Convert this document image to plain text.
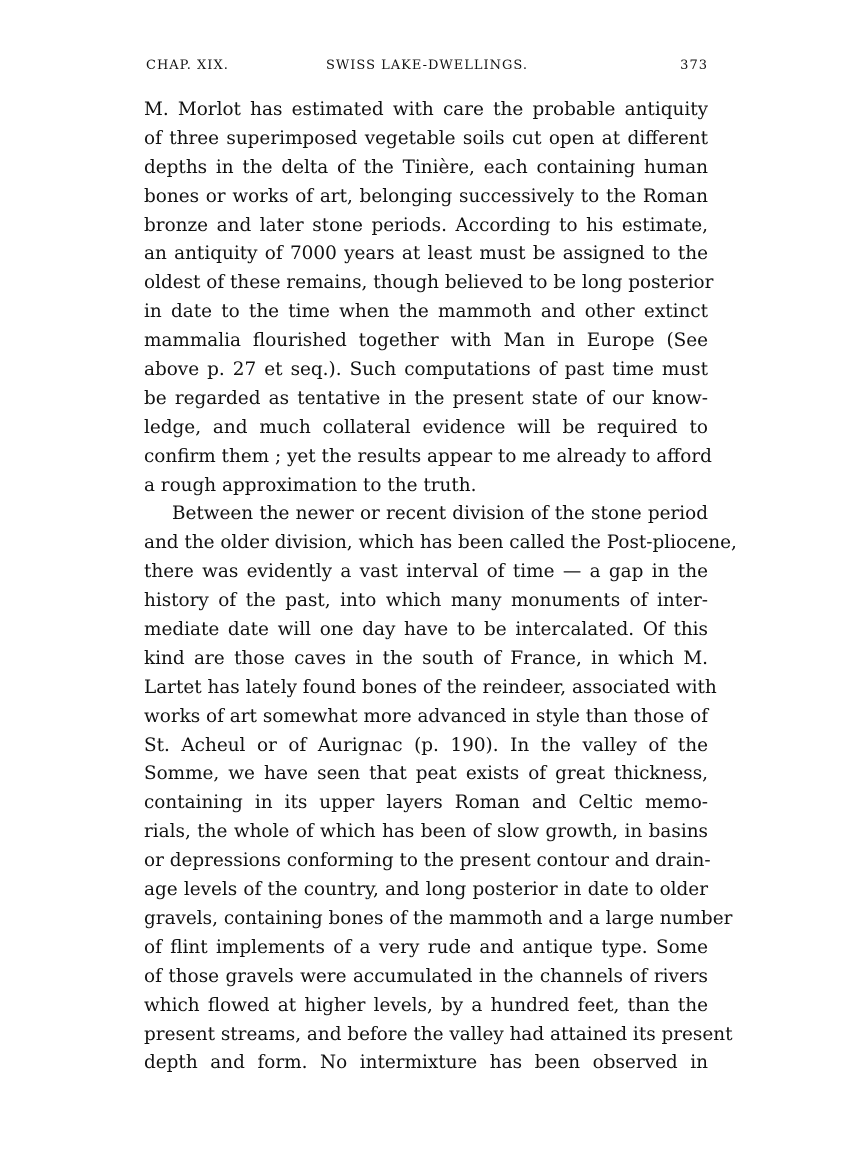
CHAP. XIX.	SWISS LAKE-DWELLINGS.	373
M. Morlot has estimated with care the probable antiquity
of three superimposed vegetable soils cut open at different
depths in the delta of the Tinière, each containing human
bones or works of art, belonging successively to the Roman
bronze and later stone periods. According to his estimate,
an antiquity of 7000 years at least must be assigned to the
oldest of these remains, though believed to be long posterior
in date to the time when the mammoth and other extinct
mammalia flourished together with Man in Europe (See
above p. 27 et seq.). Such computations of past time must
be regarded as tentative in the present state of our know-
ledge, and much collateral evidence will be required to
confirm them ; yet the results appear to me already to afford
a rough approximation to the truth.
Between the newer or recent division of the stone period
and the older division, which has been called the Post-pliocene,
there was evidently a vast interval of time — a gap in the
history of the past, into which many monuments of inter-
mediate date will one day have to be intercalated. Of this
kind are those caves in the south of France, in which M.
Lartet has lately found bones of the reindeer, associated with
works of art somewhat more advanced in style than those of
St. Acheul or of Aurignac (p. 190). In the valley of the
Somme, we have seen that peat exists of great thickness,
containing in its upper layers Roman and Celtic memo-
rials, the whole of which has been of slow growth, in basins
or depressions conforming to the present contour and drain-
age levels of the country, and long posterior in date to older
gravels, containing bones of the mammoth and a large number
of flint implements of a very rude and antique type. Some
of those gravels were accumulated in the channels of rivers
which flowed at higher levels, by a hundred feet, than the
present streams, and before the valley had attained its present
depth and form. No intermixture has been observed in
